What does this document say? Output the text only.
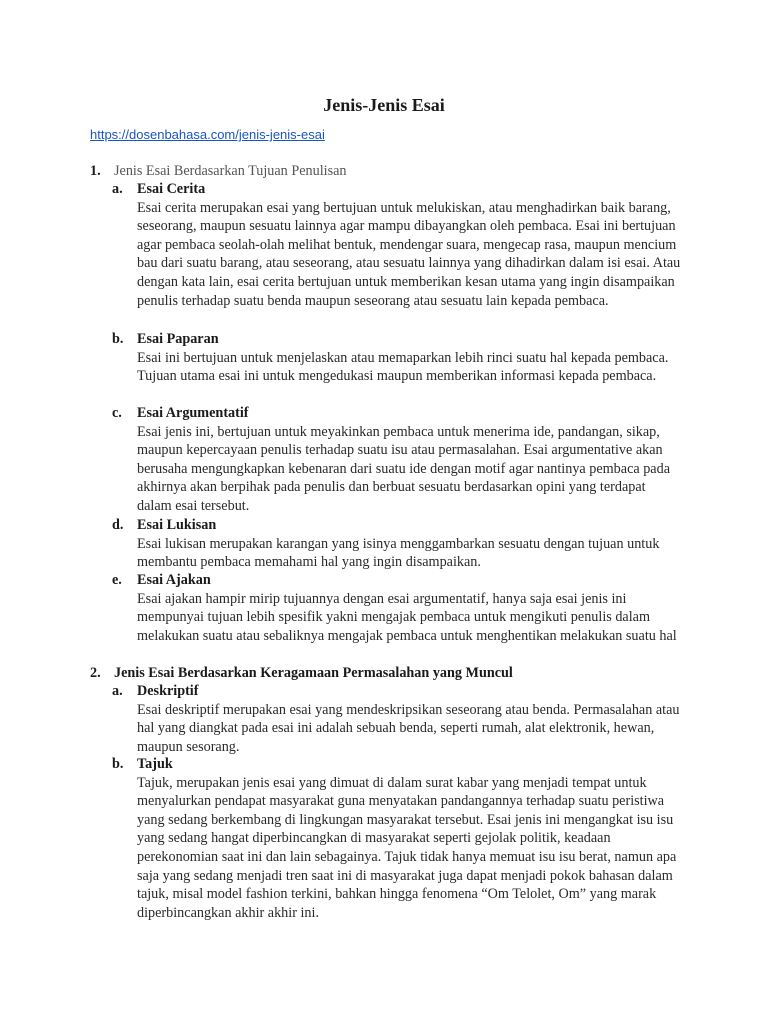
Jenis-Jenis Esai
https://dosenbahasa.com/jenis-jenis-esai
1. Jenis Esai Berdasarkan Tujuan Penulisan
a. Esai Cerita

Esai cerita merupakan esai yang bertujuan untuk melukiskan, atau menghadirkan baik barang, seseorang, maupun sesuatu lainnya agar mampu dibayangkan oleh pembaca. Esai ini bertujuan agar pembaca seolah-olah melihat bentuk, mendengar suara, mengecap rasa, maupun mencium bau dari suatu barang, atau seseorang, atau sesuatu lainnya yang dihadirkan dalam isi esai. Atau dengan kata lain, esai cerita bertujuan untuk memberikan kesan utama yang ingin disampaikan penulis terhadap suatu benda maupun seseorang atau sesuatu lain kepada pembaca.

b. Esai Paparan

Esai ini bertujuan untuk menjelaskan atau memaparkan lebih rinci suatu hal kepada pembaca. Tujuan utama esai ini untuk mengedukasi maupun memberikan informasi kepada pembaca.

c. Esai Argumentatif

Esai jenis ini, bertujuan untuk meyakinkan pembaca untuk menerima ide, pandangan, sikap, maupun kepercayaan penulis terhadap suatu isu atau permasalahan. Esai argumentative akan berusaha mengungkapkan kebenaran dari suatu ide dengan motif agar nantinya pembaca pada akhirnya akan berpihak pada penulis dan berbuat sesuatu berdasarkan opini yang terdapat dalam esai tersebut.

d. Esai Lukisan

Esai lukisan merupakan karangan yang isinya menggambarkan sesuatu dengan tujuan untuk membantu pembaca memahami hal yang ingin disampaikan.

e. Esai Ajakan

Esai ajakan hampir mirip tujuannya dengan esai argumentatif, hanya saja esai jenis ini mempunyai tujuan lebih spesifik yakni mengajak pembaca untuk mengikuti penulis dalam melakukan suatu atau sebaliknya mengajak pembaca untuk menghentikan melakukan suatu hal

2. Jenis Esai Berdasarkan Keragamaan Permasalahan yang Muncul
a. Deskriptif

Esai deskriptif merupakan esai yang mendeskripsikan seseorang atau benda. Permasalahan atau hal yang diangkat pada esai ini adalah sebuah benda, seperti rumah, alat elektronik, hewan, maupun sesorang.

b. Tajuk

Tajuk, merupakan jenis esai yang dimuat di dalam surat kabar yang menjadi tempat untuk menyalurkan pendapat masyarakat guna menyatakan pandangannya terhadap suatu peristiwa yang sedang berkembang di lingkungan masyarakat tersebut. Esai jenis ini mengangkat isu isu yang sedang hangat diperbincangkan di masyarakat seperti gejolak politik, keadaan perekonomian saat ini dan lain sebagainya. Tajuk tidak hanya memuat isu isu berat, namun apa saja yang sedang menjadi tren saat ini di masyarakat juga dapat menjadi pokok bahasan dalam tajuk, misal model fashion terkini, bahkan hingga fenomena “Om Telolet, Om” yang marak diperbincangkan akhir akhir ini.
